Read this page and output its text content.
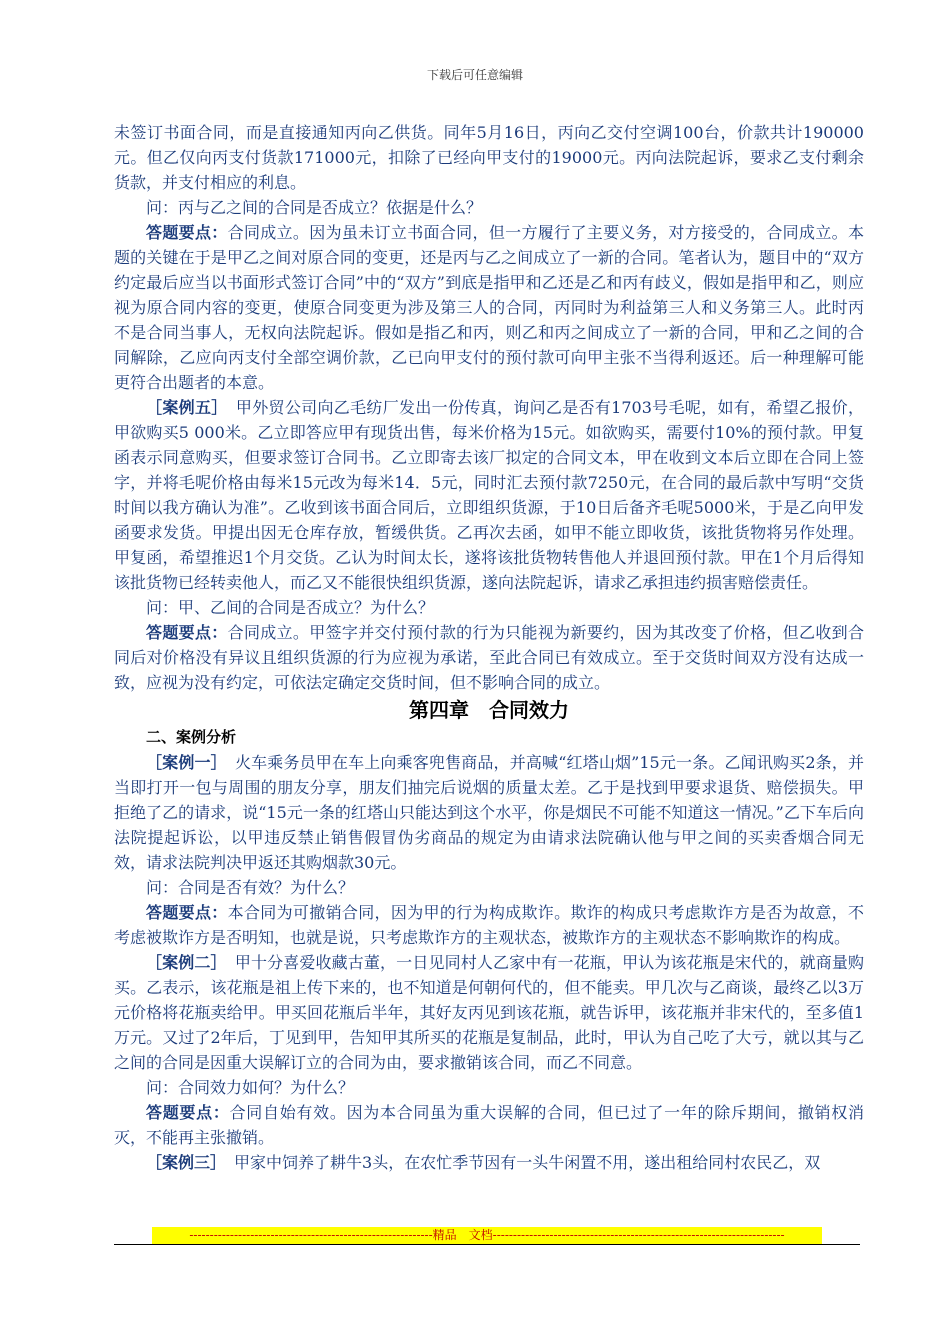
下载后可任意编辑

未签订书面合同，而是直接通知丙向乙供货。同年5月16日，丙向乙交付空调100台，价款共计190000元。但乙仅向丙支付货款171000元，扣除了已经向甲支付的19000元。丙向法院起诉，要求乙支付剩余货款，并支付相应的利息。

问：丙与乙之间的合同是否成立？依据是什么？

答题要点：合同成立。因为虽未订立书面合同，但一方履行了主要义务，对方接受的，合同成立。本题的关键在于是甲乙之间对原合同的变更，还是丙与乙之间成立了一新的合同。笔者认为，题目中的“双方约定最后应当以书面形式签订合同”中的“双方”到底是指甲和乙还是乙和丙有歧义，假如是指甲和乙，则应视为原合同内容的变更，使原合同变更为涉及第三人的合同，丙同时为利益第三人和义务第三人。此时丙不是合同当事人，无权向法院起诉。假如是指乙和丙，则乙和丙之间成立了一新的合同，甲和乙之间的合同解除，乙应向丙支付全部空调价款，乙已向甲支付的预付款可向甲主张不当得利返还。后一种理解可能更符合出题者的本意。

［案例五］　甲外贸公司向乙毛纺厂发出一份传真，询问乙是否有1703号毛呢，如有，希望乙报价，甲欲购买5 000米。乙立即答应甲有现货出售，每米价格为15元。如欲购买，需要付10%的预付款。甲复函表示同意购买，但要求签订合同书。乙立即寄去该厂拟定的合同文本，甲在收到文本后立即在合同上签字，并将毛呢价格由每米15元改为每米14．5元，同时汇去预付款7250元，在合同的最后款中写明“交货时间以我方确认为准”。乙收到该书面合同后，立即组织货源，于10日后备齐毛呢5000米，于是乙向甲发函要求发货。甲提出因无仓库存放，暂缓供货。乙再次去函，如甲不能立即收货，该批货物将另作处理。甲复函，希望推迟1个月交货。乙认为时间太长，遂将该批货物转售他人并退回预付款。甲在1个月后得知该批货物已经转卖他人，而乙又不能很快组织货源，遂向法院起诉，请求乙承担违约损害赔偿责任。

问：甲、乙间的合同是否成立？为什么？

答题要点：合同成立。甲签字并交付预付款的行为只能视为新要约，因为其改变了价格，但乙收到合同后对价格没有异议且组织货源的行为应视为承诺，至此合同已有效成立。至于交货时间双方没有达成一致，应视为没有约定，可依法定确定交货时间，但不影响合同的成立。

第四章　合同效力

二、案例分析

［案例一］　火车乘务员甲在车上向乘客兜售商品，并高喊“红塔山烟”15元一条。乙闻讯购买2条，并当即打开一包与周围的朋友分享，朋友们抽完后说烟的质量太差。乙于是找到甲要求退货、赔偿损失。甲拒绝了乙的请求，说“15元一条的红塔山只能达到这个水平，你是烟民不可能不知道这一情况。”乙下车后向法院提起诉讼，以甲违反禁止销售假冒伪劣商品的规定为由请求法院确认他与甲之间的买卖香烟合同无效，请求法院判决甲返还其购烟款30元。

问：合同是否有效？为什么？

答题要点：本合同为可撤销合同，因为甲的行为构成欺诈。欺诈的构成只考虑欺诈方是否为故意，不考虑被欺诈方是否明知，也就是说，只考虑欺诈方的主观状态，被欺诈方的主观状态不影响欺诈的构成。

［案例二］　甲十分喜爱收藏古董，一日见同村人乙家中有一花瓶，甲认为该花瓶是宋代的，就商量购买。乙表示，该花瓶是祖上传下来的，也不知道是何朝何代的，但不能卖。甲几次与乙商谈，最终乙以3万元价格将花瓶卖给甲。甲买回花瓶后半年，其好友丙见到该花瓶，就告诉甲，该花瓶并非宋代的，至多值1万元。又过了2年后，丁见到甲，告知甲其所买的花瓶是复制品，此时，甲认为自己吃了大亏，就以其与乙之间的合同是因重大误解订立的合同为由，要求撤销该合同，而乙不同意。

问：合同效力如何？为什么？

答题要点：合同自始有效。因为本合同虽为重大误解的合同，但已过了一年的除斥期间，撤销权消灭，不能再主张撤销。

［案例三］　甲家中饲养了耕牛3头，在农忙季节因有一头牛闲置不用，遂出租给同村农民乙，双

------------------------------------------------------------精品　文档------------------------------------------------------------------------
